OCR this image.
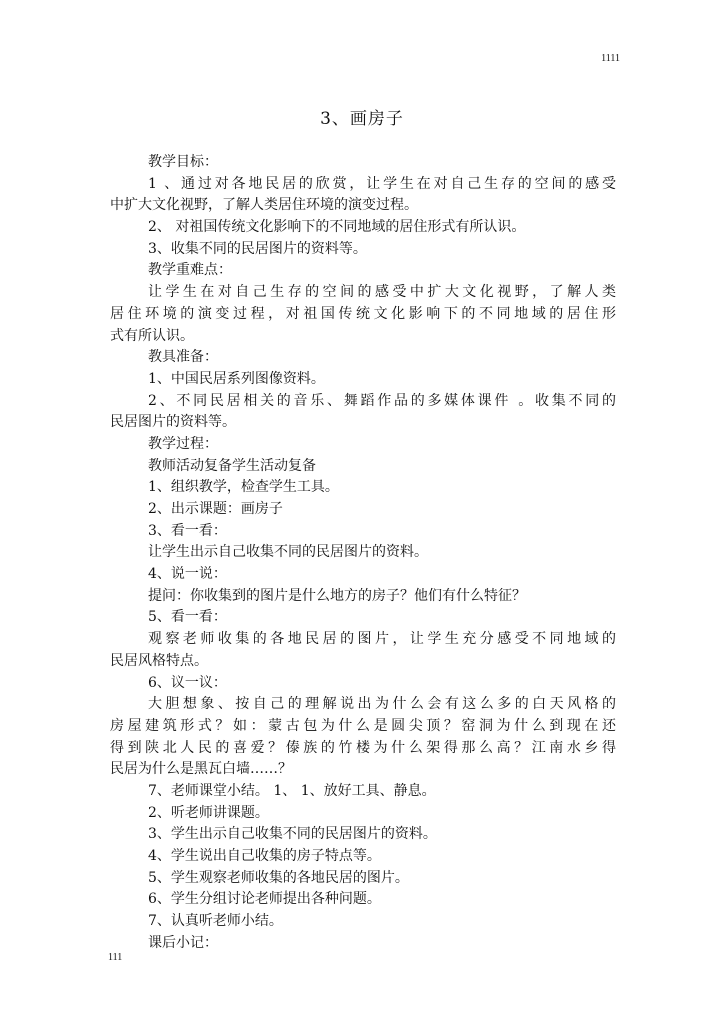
1111
3、画房子
教学目标：
1 、通过对各地民居的欣赏，让学生在对自己生存的空间的感受
中扩大文化视野，了解人类居住环境的演变过程。
2、 对祖国传统文化影响下的不同地域的居住形式有所认识。
3、收集不同的民居图片的资料等。
教学重难点：
让学生在对自己生存的空间的感受中扩大文化视野，了解人类
居住环境的演变过程，对祖国传统文化影响下的不同地域的居住形
式有所认识。
教具准备：
1、中国民居系列图像资料。
2、不同民居相关的音乐、舞蹈作品的多媒体课件 。收集不同的
民居图片的资料等。
教学过程：
教师活动复备学生活动复备
1、组织教学，检查学生工具。
2、出示课题：画房子
3、看一看：
让学生出示自己收集不同的民居图片的资料。
4、说一说：
提问：你收集到的图片是什么地方的房子？他们有什么特征？
5、看一看：
观察老师收集的各地民居的图片，让学生充分感受不同地域的
民居风格特点。
6、议一议：
大胆想象、按自己的理解说出为什么会有这么多的白天风格的
房屋建筑形式？如：蒙古包为什么是圆尖顶？窑洞为什么到现在还
得到陕北人民的喜爱？傣族的竹楼为什么架得那么高？江南水乡得
民居为什么是黑瓦白墙……？
7、老师课堂小结。 1、 1、放好工具、静息。
2、听老师讲课题。
3、学生出示自己收集不同的民居图片的资料。
4、学生说出自己收集的房子特点等。
5、学生观察老师收集的各地民居的图片。
6、学生分组讨论老师提出各种问题。
7、认真听老师小结。
课后小记：
111
